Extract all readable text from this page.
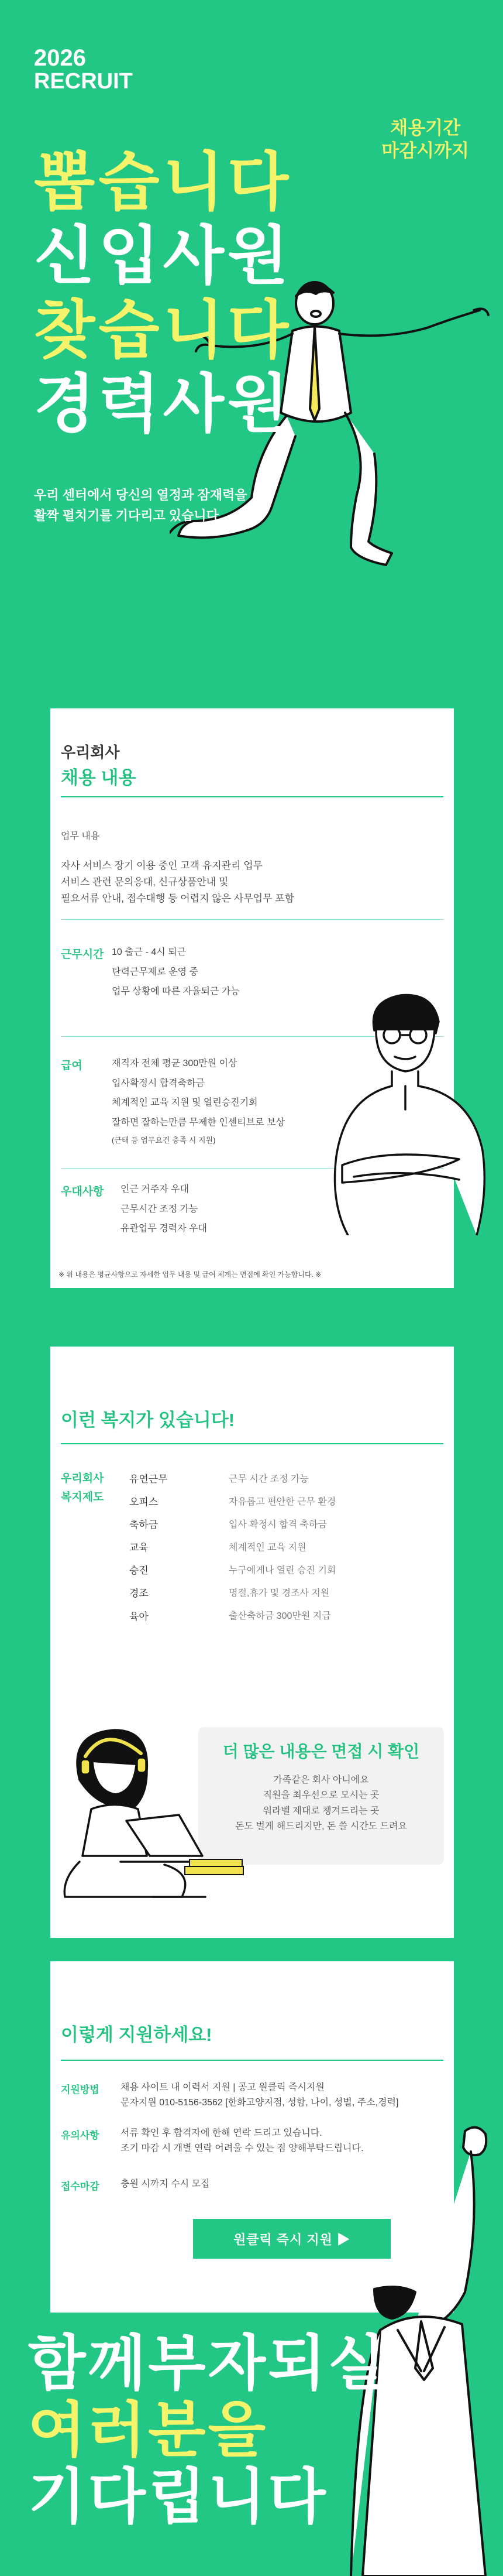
2026
RECRUIT
채용기간
마감시까지
뽑습니다
신입사원
찾습니다
경력사원
우리 센터에서 당신의 열정과 잠재력을
활짝 펼치기를 기다리고 있습니다
우리회사
채용 내용
업무 내용
자사 서비스 장기 이용 중인 고객 유지관리 업무
서비스 관련 문의응대, 신규상품안내 및
필요서류 안내, 접수대행 등 어렵지 않은 사무업무 포함
근무시간 10 출근 - 4시 퇴근
탄력근무제로 운영 중
업무 상황에 따른 자율퇴근 가능
급여	재직자 전체 평균 300만원 이상
입사확정시 합격축하금
체계적인 교육 지원 및 열린승진기회
잘하면 잘하는만큼 무제한 인센티브로 보상
(근태 등 업무요건 충족 시 지원)
우대사항 인근 거주자 우대
근무시간 조정 가능
유관업무 경력자 우대
※ 위 내용은 평균사항으로 자세한 업무 내용 및 급여 체계는 면접에 확인 가능합니다. ※
이런 복지가 있습니다!
우리회사
복지제도
유연근무
오피스
축하금
교육
승진
경조
육아
근무 시간 조정 가능
자유롭고 편안한 근무 환경
입사 확정시 합격 축하금
체계적인 교육 지원
누구에게나 열린 승진 기회
명절,휴가 및 경조사 지원
출산축하금 300만원 지급
더 많은 내용은 면접 시 확인
가족같은 회사 아니에요
직원을 최우선으로 모시는 곳
워라벨 제대로 챙겨드리는 곳
돈도 벌게 해드리지만, 돈 쓸 시간도 드려요
이렇게 지원하세요!
지원방법 채용 사이트 내 이력서 지원 | 공고 원클릭 즉시지원
문자지원 010-5156-3562 [한화고양지점, 성함, 나이, 성별, 주소,경력]
유의사항 서류 확인 후 합격자에 한해 연락 드리고 있습니다.
조기 마감 시 개별 연락 어려울 수 있는 점 양해부탁드립니다.
접수마감 충원 시까지 수시 모집
원클릭 즉시 지원 ▶
함께부자되실
여러분을
기다립니다
